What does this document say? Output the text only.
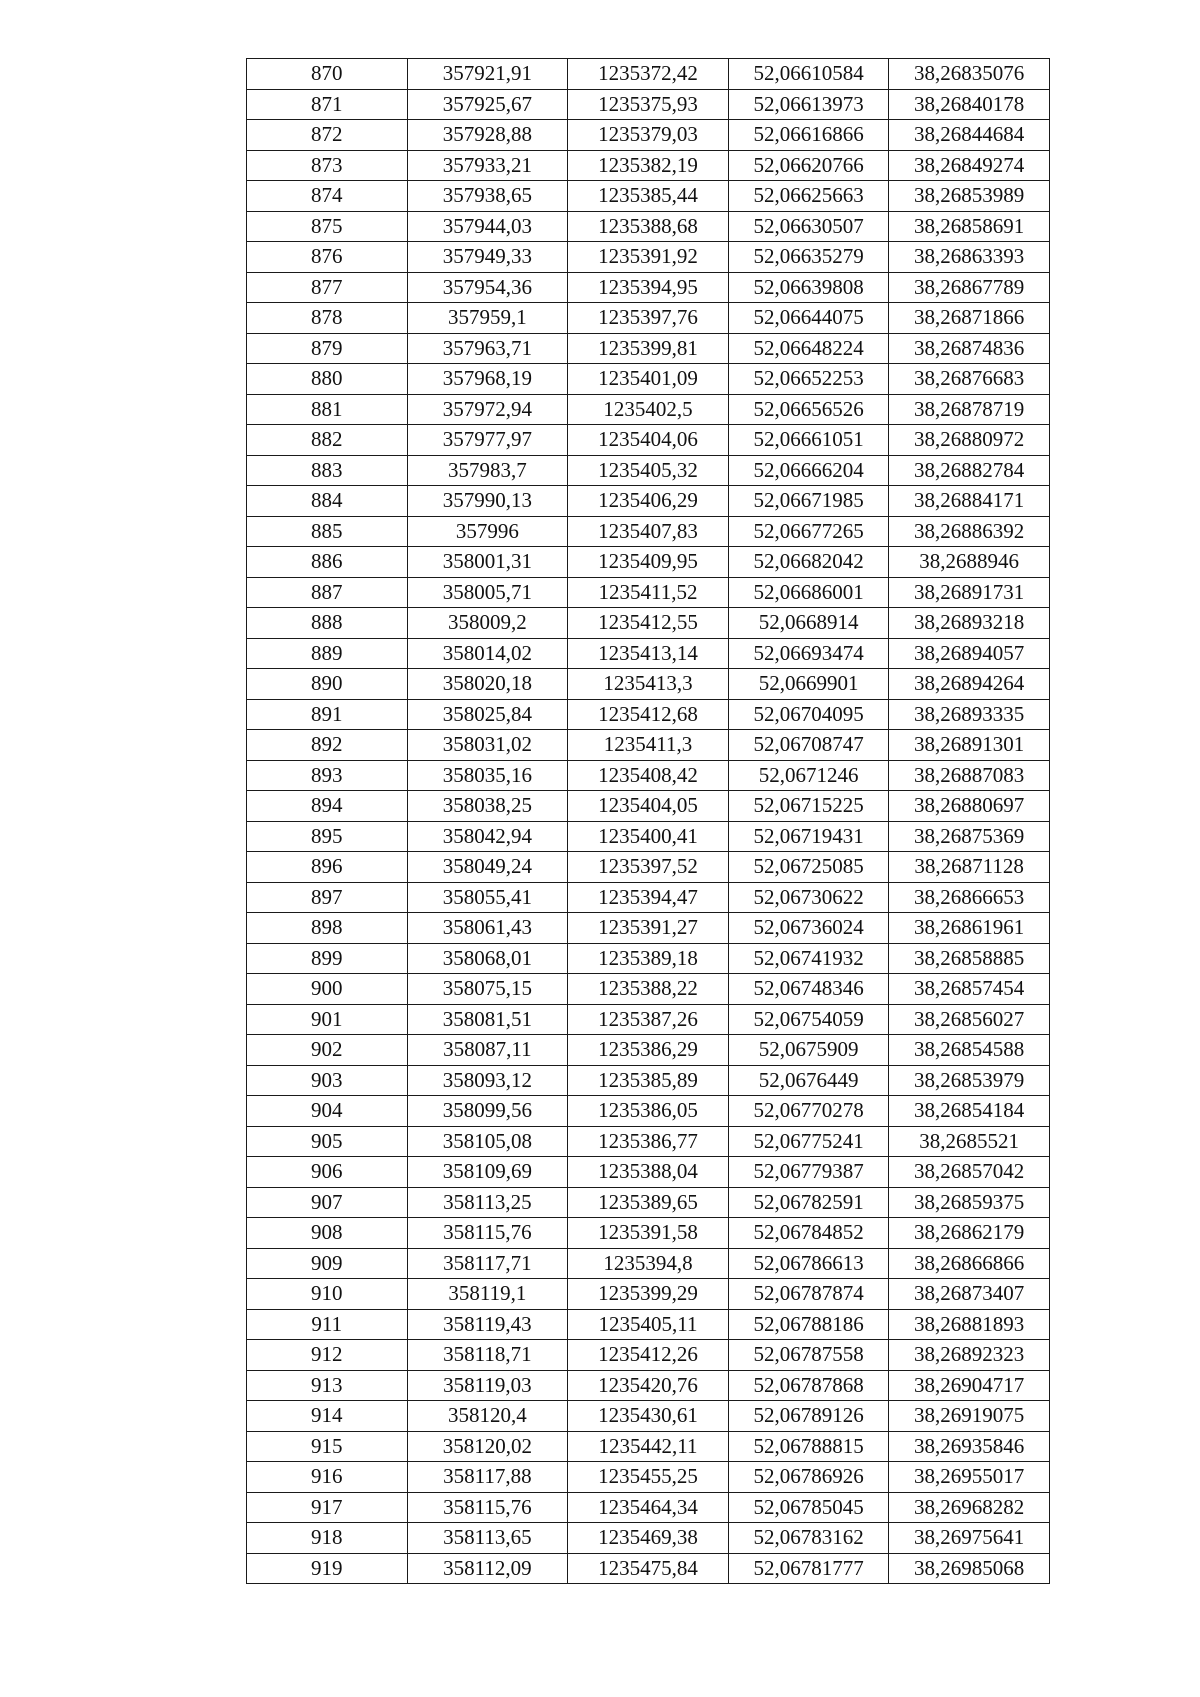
870	357921,91	1235372,42	52,06610584	38,26835076
871	357925,67	1235375,93	52,06613973	38,26840178
872	357928,88	1235379,03	52,06616866	38,26844684
873	357933,21	1235382,19	52,06620766	38,26849274
874	357938,65	1235385,44	52,06625663	38,26853989
875	357944,03	1235388,68	52,06630507	38,26858691
876	357949,33	1235391,92	52,06635279	38,26863393
877	357954,36	1235394,95	52,06639808	38,26867789
878	357959,1	1235397,76	52,06644075	38,26871866
879	357963,71	1235399,81	52,06648224	38,26874836
880	357968,19	1235401,09	52,06652253	38,26876683
881	357972,94	1235402,5	52,06656526	38,26878719
882	357977,97	1235404,06	52,06661051	38,26880972
883	357983,7	1235405,32	52,06666204	38,26882784
884	357990,13	1235406,29	52,06671985	38,26884171
885	357996	1235407,83	52,06677265	38,26886392
886	358001,31	1235409,95	52,06682042	38,2688946
887	358005,71	1235411,52	52,06686001	38,26891731
888	358009,2	1235412,55	52,0668914	38,26893218
889	358014,02	1235413,14	52,06693474	38,26894057
890	358020,18	1235413,3	52,0669901	38,26894264
891	358025,84	1235412,68	52,06704095	38,26893335
892	358031,02	1235411,3	52,06708747	38,26891301
893	358035,16	1235408,42	52,0671246	38,26887083
894	358038,25	1235404,05	52,06715225	38,26880697
895	358042,94	1235400,41	52,06719431	38,26875369
896	358049,24	1235397,52	52,06725085	38,26871128
897	358055,41	1235394,47	52,06730622	38,26866653
898	358061,43	1235391,27	52,06736024	38,26861961
899	358068,01	1235389,18	52,06741932	38,26858885
900	358075,15	1235388,22	52,06748346	38,26857454
901	358081,51	1235387,26	52,06754059	38,26856027
902	358087,11	1235386,29	52,0675909	38,26854588
903	358093,12	1235385,89	52,0676449	38,26853979
904	358099,56	1235386,05	52,06770278	38,26854184
905	358105,08	1235386,77	52,06775241	38,2685521
906	358109,69	1235388,04	52,06779387	38,26857042
907	358113,25	1235389,65	52,06782591	38,26859375
908	358115,76	1235391,58	52,06784852	38,26862179
909	358117,71	1235394,8	52,06786613	38,26866866
910	358119,1	1235399,29	52,06787874	38,26873407
911	358119,43	1235405,11	52,06788186	38,26881893
912	358118,71	1235412,26	52,06787558	38,26892323
913	358119,03	1235420,76	52,06787868	38,26904717
914	358120,4	1235430,61	52,06789126	38,26919075
915	358120,02	1235442,11	52,06788815	38,26935846
916	358117,88	1235455,25	52,06786926	38,26955017
917	358115,76	1235464,34	52,06785045	38,26968282
918	358113,65	1235469,38	52,06783162	38,26975641
919	358112,09	1235475,84	52,06781777	38,26985068
